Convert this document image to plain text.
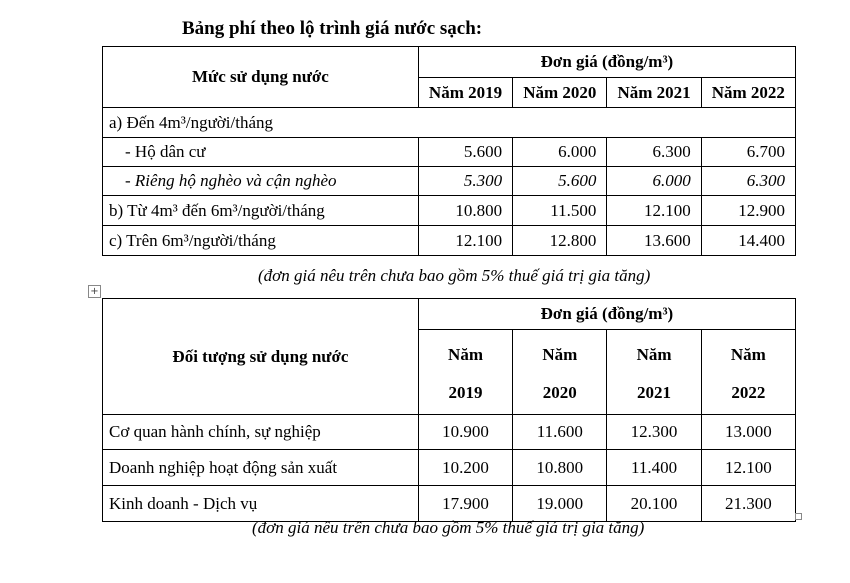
Bảng phí theo lộ trình giá nước sạch:
Mức sử dụng nước	Đơn giá (đồng/m³)			
	Năm 2019	Năm 2020	Năm 2021	Năm 2022
a) Đến 4m³/người/tháng				
- Hộ dân cư	5.600	6.000	6.300	6.700
- Riêng hộ nghèo và cận nghèo	5.300	5.600	6.000	6.300
b) Từ 4m³ đến 6m³/người/tháng	10.800	11.500	12.100	12.900
c) Trên 6m³/người/tháng	12.100	12.800	13.600	14.400
(đơn giá nêu trên chưa bao gồm 5% thuế giá trị gia tăng)
+
Đối tượng sử dụng nước	Đơn giá (đồng/m³)			

	Năm
2019	Năm
2020	Năm
2021	Năm
2022

Cơ quan hành chính, sự nghiệp	10.900	11.600	12.300	13.000
Doanh nghiệp hoạt động sản xuất	10.200	10.800	11.400	12.100
Kinh doanh - Dịch vụ	17.900	19.000	20.100	21.300
(đơn giá nêu trên chưa bao gồm 5% thuế giá trị gia tăng)
